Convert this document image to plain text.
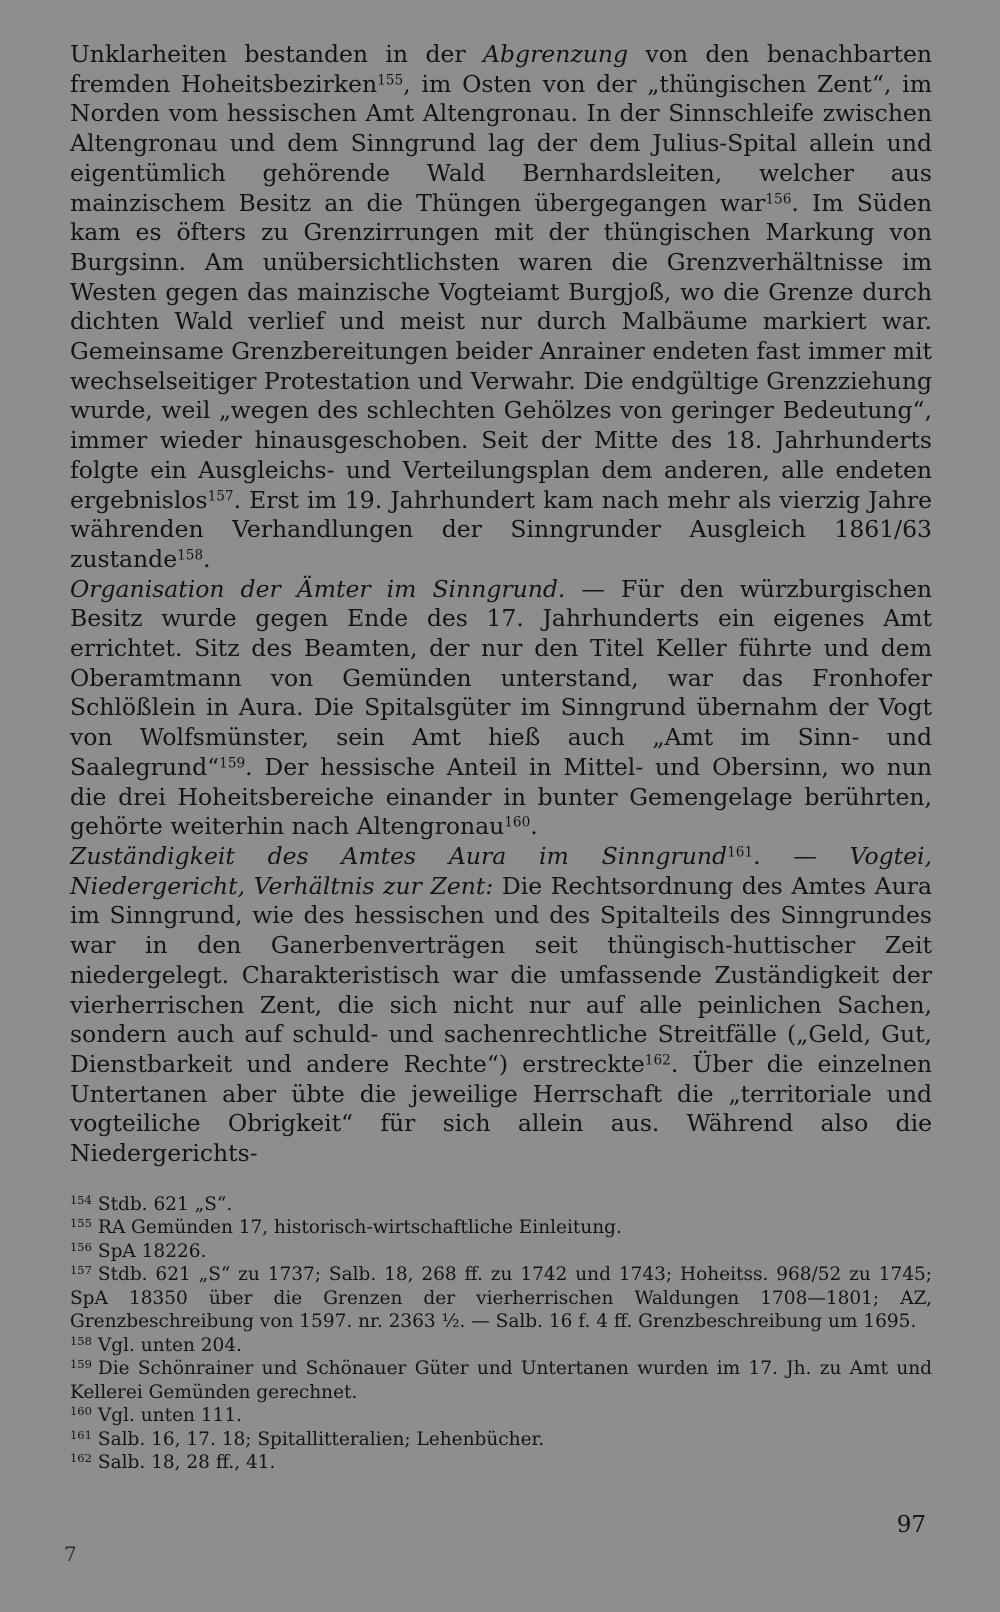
Unklarheiten bestanden in der Abgrenzung von den benachbarten fremden Hoheitsbezirken$^{155}$, im Osten von der „thüngischen Zent“, im Norden vom hessischen Amt Altengronau. In der Sinnschleife zwischen Altengronau und dem Sinngrund lag der dem Julius-Spital allein und eigentümlich gehörende Wald Bernhardsleiten, welcher aus mainzischem Besitz an die Thüngen übergegangen war$^{156}$. Im Süden kam es öfters zu Grenzirrungen mit der thüngischen Markung von Burgsinn. Am unübersichtlichsten waren die Grenzverhältnisse im Westen gegen das mainzische Vogteiamt Burgjoß, wo die Grenze durch dichten Wald verlief und meist nur durch Malbäume markiert war. Gemeinsame Grenzbereitungen beider Anrainer endeten fast immer mit wechselseitiger Protestation und Verwahr. Die endgültige Grenzziehung wurde, weil „wegen des schlechten Gehölzes von geringer Bedeutung“, immer wieder hinausgeschoben. Seit der Mitte des 18. Jahrhunderts folgte ein Ausgleichs- und Verteilungsplan dem anderen, alle endeten ergebnislos$^{157}$. Erst im 19. Jahrhundert kam nach mehr als vierzig Jahre währenden Verhandlungen der Sinngrunder Ausgleich 1861/63 zustande$^{158}$.

Organisation der Ämter im Sinngrund. — Für den würzburgischen Besitz wurde gegen Ende des 17. Jahrhunderts ein eigenes Amt errichtet. Sitz des Beamten, der nur den Titel Keller führte und dem Oberamtmann von Gemünden unterstand, war das Fronhofer Schlößlein in Aura. Die Spitalsgüter im Sinngrund übernahm der Vogt von Wolfsmünster, sein Amt hieß auch „Amt im Sinn- und Saalegrund“$^{159}$. Der hessische Anteil in Mittel- und Obersinn, wo nun die drei Hoheitsbereiche einander in bunter Gemengelage berührten, gehörte weiterhin nach Altengronau$^{160}$.

Zuständigkeit des Amtes Aura im Sinngrund$^{161}$. — Vogtei, Niedergericht, Verhältnis zur Zent: Die Rechtsordnung des Amtes Aura im Sinngrund, wie des hessischen und des Spitalteils des Sinngrundes war in den Ganerbenverträgen seit thüngisch-huttischer Zeit niedergelegt. Charakteristisch war die umfassende Zuständigkeit der vierherrischen Zent, die sich nicht nur auf alle peinlichen Sachen, sondern auch auf schuld- und sachenrechtliche Streitfälle („Geld, Gut, Dienstbarkeit und andere Rechte“) erstreckte$^{162}$. Über die einzelnen Untertanen aber übte die jeweilige Herrschaft die „territoriale und vogteiliche Obrigkeit“ für sich allein aus. Während also die Niedergerichts-

$^{154}$ Stdb. 621 „S“.

$^{155}$ RA Gemünden 17, historisch-wirtschaftliche Einleitung.

$^{156}$ SpA 18226.

$^{157}$ Stdb. 621 „S“ zu 1737; Salb. 18, 268 ff. zu 1742 und 1743; Hoheitss. 968/52 zu 1745; SpA 18350 über die Grenzen der vierherrischen Waldungen 1708—1801; AZ, Grenzbeschreibung von 1597. nr. 2363 ½. — Salb. 16 f. 4 ff. Grenzbeschreibung um 1695.

$^{158}$ Vgl. unten 204.

$^{159}$ Die Schönrainer und Schönauer Güter und Untertanen wurden im 17. Jh. zu Amt und Kellerei Gemünden gerechnet.

$^{160}$ Vgl. unten 111.

$^{161}$ Salb. 16, 17. 18; Spitallitteralien; Lehenbücher.

$^{162}$ Salb. 18, 28 ff., 41.

97
7
